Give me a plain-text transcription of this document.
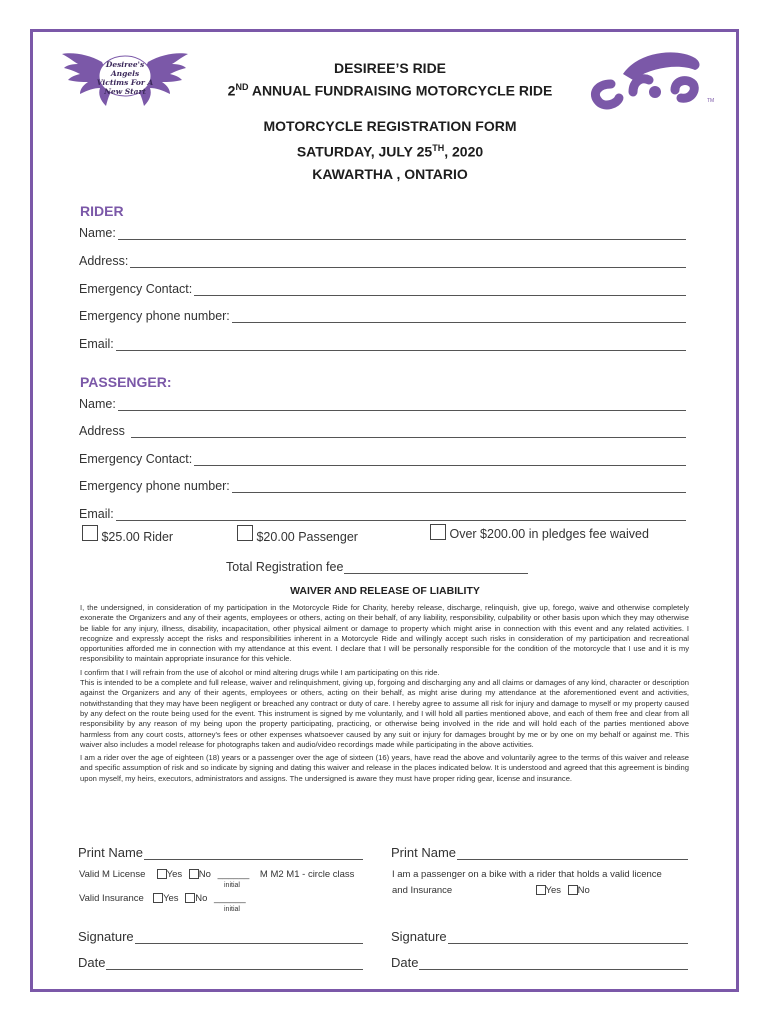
Desiree's Angels
Victims For A
New Start
TM
DESIREE’S RIDE
2ND ANNUAL FUNDRAISING MOTORCYCLE RIDE
MOTORCYCLE REGISTRATION FORM
SATURDAY, JULY 25TH, 2020
KAWARTHA , ONTARIO
RIDER
Name:
Address:
Emergency Contact:
Emergency phone number:
Email:
PASSENGER:
Name:
Address
Emergency Contact:
Emergency phone number:
Email:
$25.00 Rider	$20.00 Passenger	Over $200.00 in pledges fee waived
Total Registration fee
WAIVER AND RELEASE OF LIABILITY

I, the undersigned, in consideration of my participation in the Motorcycle Ride for Charity, hereby release, discharge, relinquish, give up, forego, waive and otherwise completely exonerate the Organizers and any of their agents, employees or others, acting on their behalf, of any liability, responsibility, culpability or other basis upon which they may otherwise be liable for any injury, illness, disability, incapacitation, other physical ailment or damage to property which might arise in connection with this event and any related activities. I recognize and expressly accept the risks and responsibilities inherent in a Motorcycle Ride and willingly accept such risks in consideration of my participation and recreational opportunities afforded me in connection with my attendance at this event. I declare that I will be personally responsible for the condition of the motorcycle that I use and it is my responsibility to maintain appropriate insurance for this vehicle.

I confirm that I will refrain from the use of alcohol or mind altering drugs while I am participating on this ride.

This is intended to be a complete and full release, waiver and relinquishment, giving up, forgoing and discharging any and all claims or damages of any kind, character or description against the Organizers and any of their agents, employees or others, acting on their behalf, as might arise during my attendance at the aforementioned event and activities, notwithstanding that they may have been negligent or breached any contract or duty of care. I hereby agree to assume all risk for injury and damage to myself or my property caused by any defect on the route being used for the event. This instrument is signed by me voluntarily, and I will hold all parties mentioned above, and each of them free and clear from all responsibility by any reason of my being upon the property participating, practicing, or otherwise being involved in the ride and will hold each of the parties mentioned above harmless from any court costs, attorney's fees or other expenses whatsoever caused by any suit or injury for damages brought by me or by one on my behalf or against me. This waiver also includes a model release for photographs taken and audio/video recordings made while participating in the above activities.

I am a rider over the age of eighteen (18) years or a passenger over the age of sixteen (16) years, have read the above and voluntarily agree to the terms of this waiver and release and specific assumption of risk and so indicate by signing and dating this waiver and release in the places indicated below. It is understood and agreed that this agreement is binding upon myself, my heirs, executors, administrators and assigns. The undersigned is aware they must have proper riding gear, license and insurance.

Print Name
Valid M License Yes No ______ M M2 M1 - circle class
initial
Valid Insurance Yes No ______
initial
Signature
Date
Print Name
I am a passenger on a bike with a rider that holds a valid licence
and Insurance	Yes No
Signature
Date
